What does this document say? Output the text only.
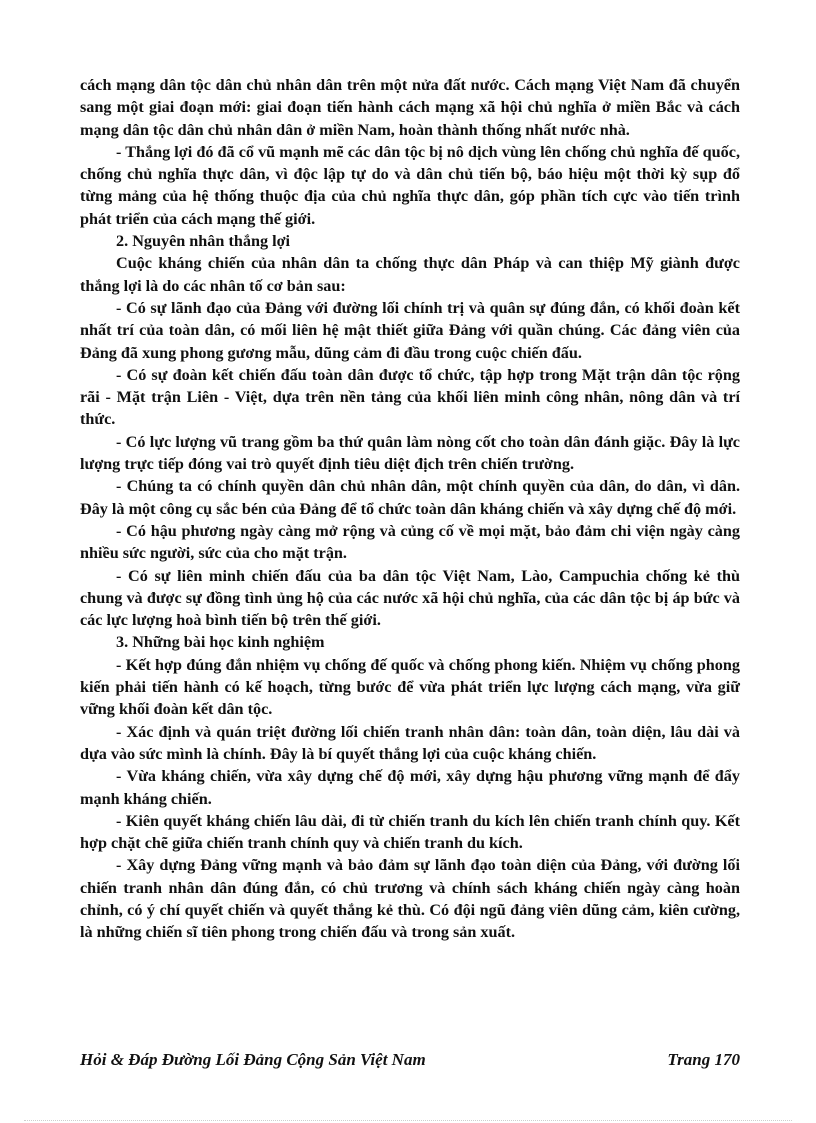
cách mạng dân tộc dân chủ nhân dân trên một nửa đất nước. Cách mạng Việt Nam đã chuyển sang một giai đoạn mới: giai đoạn tiến hành cách mạng xã hội chủ nghĩa ở miền Bắc và cách mạng dân tộc dân chủ nhân dân ở miền Nam, hoàn thành thống nhất nước nhà.

- Thắng lợi đó đã cổ vũ mạnh mẽ các dân tộc bị nô dịch vùng lên chống chủ nghĩa đế quốc, chống chủ nghĩa thực dân, vì độc lập tự do và dân chủ tiến bộ, báo hiệu một thời kỳ sụp đổ từng mảng của hệ thống thuộc địa của chủ nghĩa thực dân, góp phần tích cực vào tiến trình phát triển của cách mạng thế giới.

2. Nguyên nhân thắng lợi

Cuộc kháng chiến của nhân dân ta chống thực dân Pháp và can thiệp Mỹ giành được thắng lợi là do các nhân tố cơ bản sau:

- Có sự lãnh đạo của Đảng với đường lối chính trị và quân sự đúng đắn, có khối đoàn kết nhất trí của toàn dân, có mối liên hệ mật thiết giữa Đảng với quần chúng. Các đảng viên của Đảng đã xung phong gương mẫu, dũng cảm đi đầu trong cuộc chiến đấu.

- Có sự đoàn kết chiến đấu toàn dân được tổ chức, tập hợp trong Mặt trận dân tộc rộng rãi - Mặt trận Liên - Việt, dựa trên nền tảng của khối liên minh công nhân, nông dân và trí thức.

- Có lực lượng vũ trang gồm ba thứ quân làm nòng cốt cho toàn dân đánh giặc. Đây là lực lượng trực tiếp đóng vai trò quyết định tiêu diệt địch trên chiến trường.

- Chúng ta có chính quyền dân chủ nhân dân, một chính quyền của dân, do dân, vì dân. Đây là một công cụ sắc bén của Đảng để tổ chức toàn dân kháng chiến và xây dựng chế độ mới.

- Có hậu phương ngày càng mở rộng và củng cố về mọi mặt, bảo đảm chi viện ngày càng nhiều sức người, sức của cho mặt trận.

- Có sự liên minh chiến đấu của ba dân tộc Việt Nam, Lào, Campuchia chống kẻ thù chung và được sự đồng tình ủng hộ của các nước xã hội chủ nghĩa, của các dân tộc bị áp bức và các lực lượng hoà bình tiến bộ trên thế giới.

3. Những bài học kinh nghiệm

- Kết hợp đúng đắn nhiệm vụ chống đế quốc và chống phong kiến. Nhiệm vụ chống phong kiến phải tiến hành có kế hoạch, từng bước để vừa phát triển lực lượng cách mạng, vừa giữ vững khối đoàn kết dân tộc.

- Xác định và quán triệt đường lối chiến tranh nhân dân: toàn dân, toàn diện, lâu dài và dựa vào sức mình là chính. Đây là bí quyết thắng lợi của cuộc kháng chiến.

- Vừa kháng chiến, vừa xây dựng chế độ mới, xây dựng hậu phương vững mạnh để đẩy mạnh kháng chiến.

- Kiên quyết kháng chiến lâu dài, đi từ chiến tranh du kích lên chiến tranh chính quy. Kết hợp chặt chẽ giữa chiến tranh chính quy và chiến tranh du kích.

- Xây dựng Đảng vững mạnh và bảo đảm sự lãnh đạo toàn diện của Đảng, với đường lối chiến tranh nhân dân đúng đắn, có chủ trương và chính sách kháng chiến ngày càng hoàn chỉnh, có ý chí quyết chiến và quyết thắng kẻ thù. Có đội ngũ đảng viên dũng cảm, kiên cường, là những chiến sĩ tiên phong trong chiến đấu và trong sản xuất.

Hỏi & Đáp Đường Lối Đảng Cộng Sản Việt Nam	Trang 170
